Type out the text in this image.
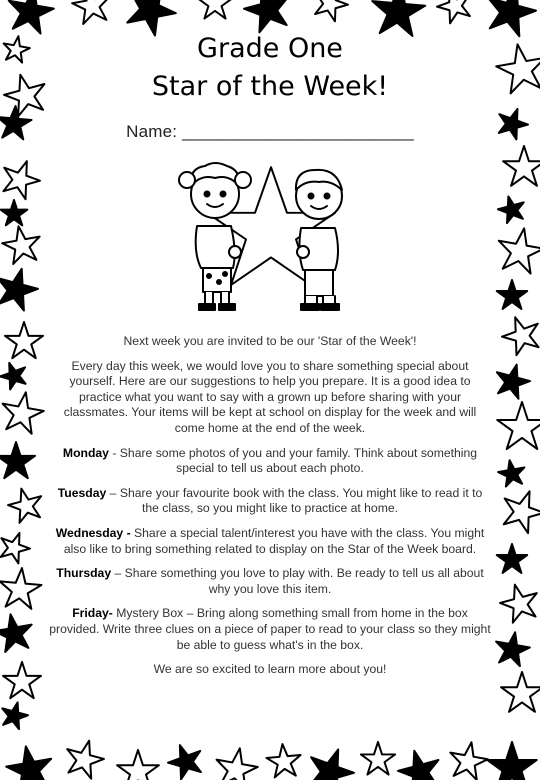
Grade One
Star of the Week!
Name: ________________________

Next week you are invited to be our 'Star of the Week'!

Every day this week, we would love you to share something special about yourself. Here are our suggestions to help you prepare. It is a good idea to practice what you want to say with a grown up before sharing with your classmates. Your items will be kept at school on display for the week and will come home at the end of the week.

Monday - Share some photos of you and your family. Think about something special to tell us about each photo.

Tuesday – Share your favourite book with the class. You might like to read it to the class, so you might like to practice at home.

Wednesday - Share a special talent/interest you have with the class. You might also like to bring something related to display on the Star of the Week board.

Thursday – Share something you love to play with. Be ready to tell us all about why you love this item.

Friday- Mystery Box – Bring along something small from home in the box provided. Write three clues on a piece of paper to read to your class so they might be able to guess what's in the box.

We are so excited to learn more about you!
